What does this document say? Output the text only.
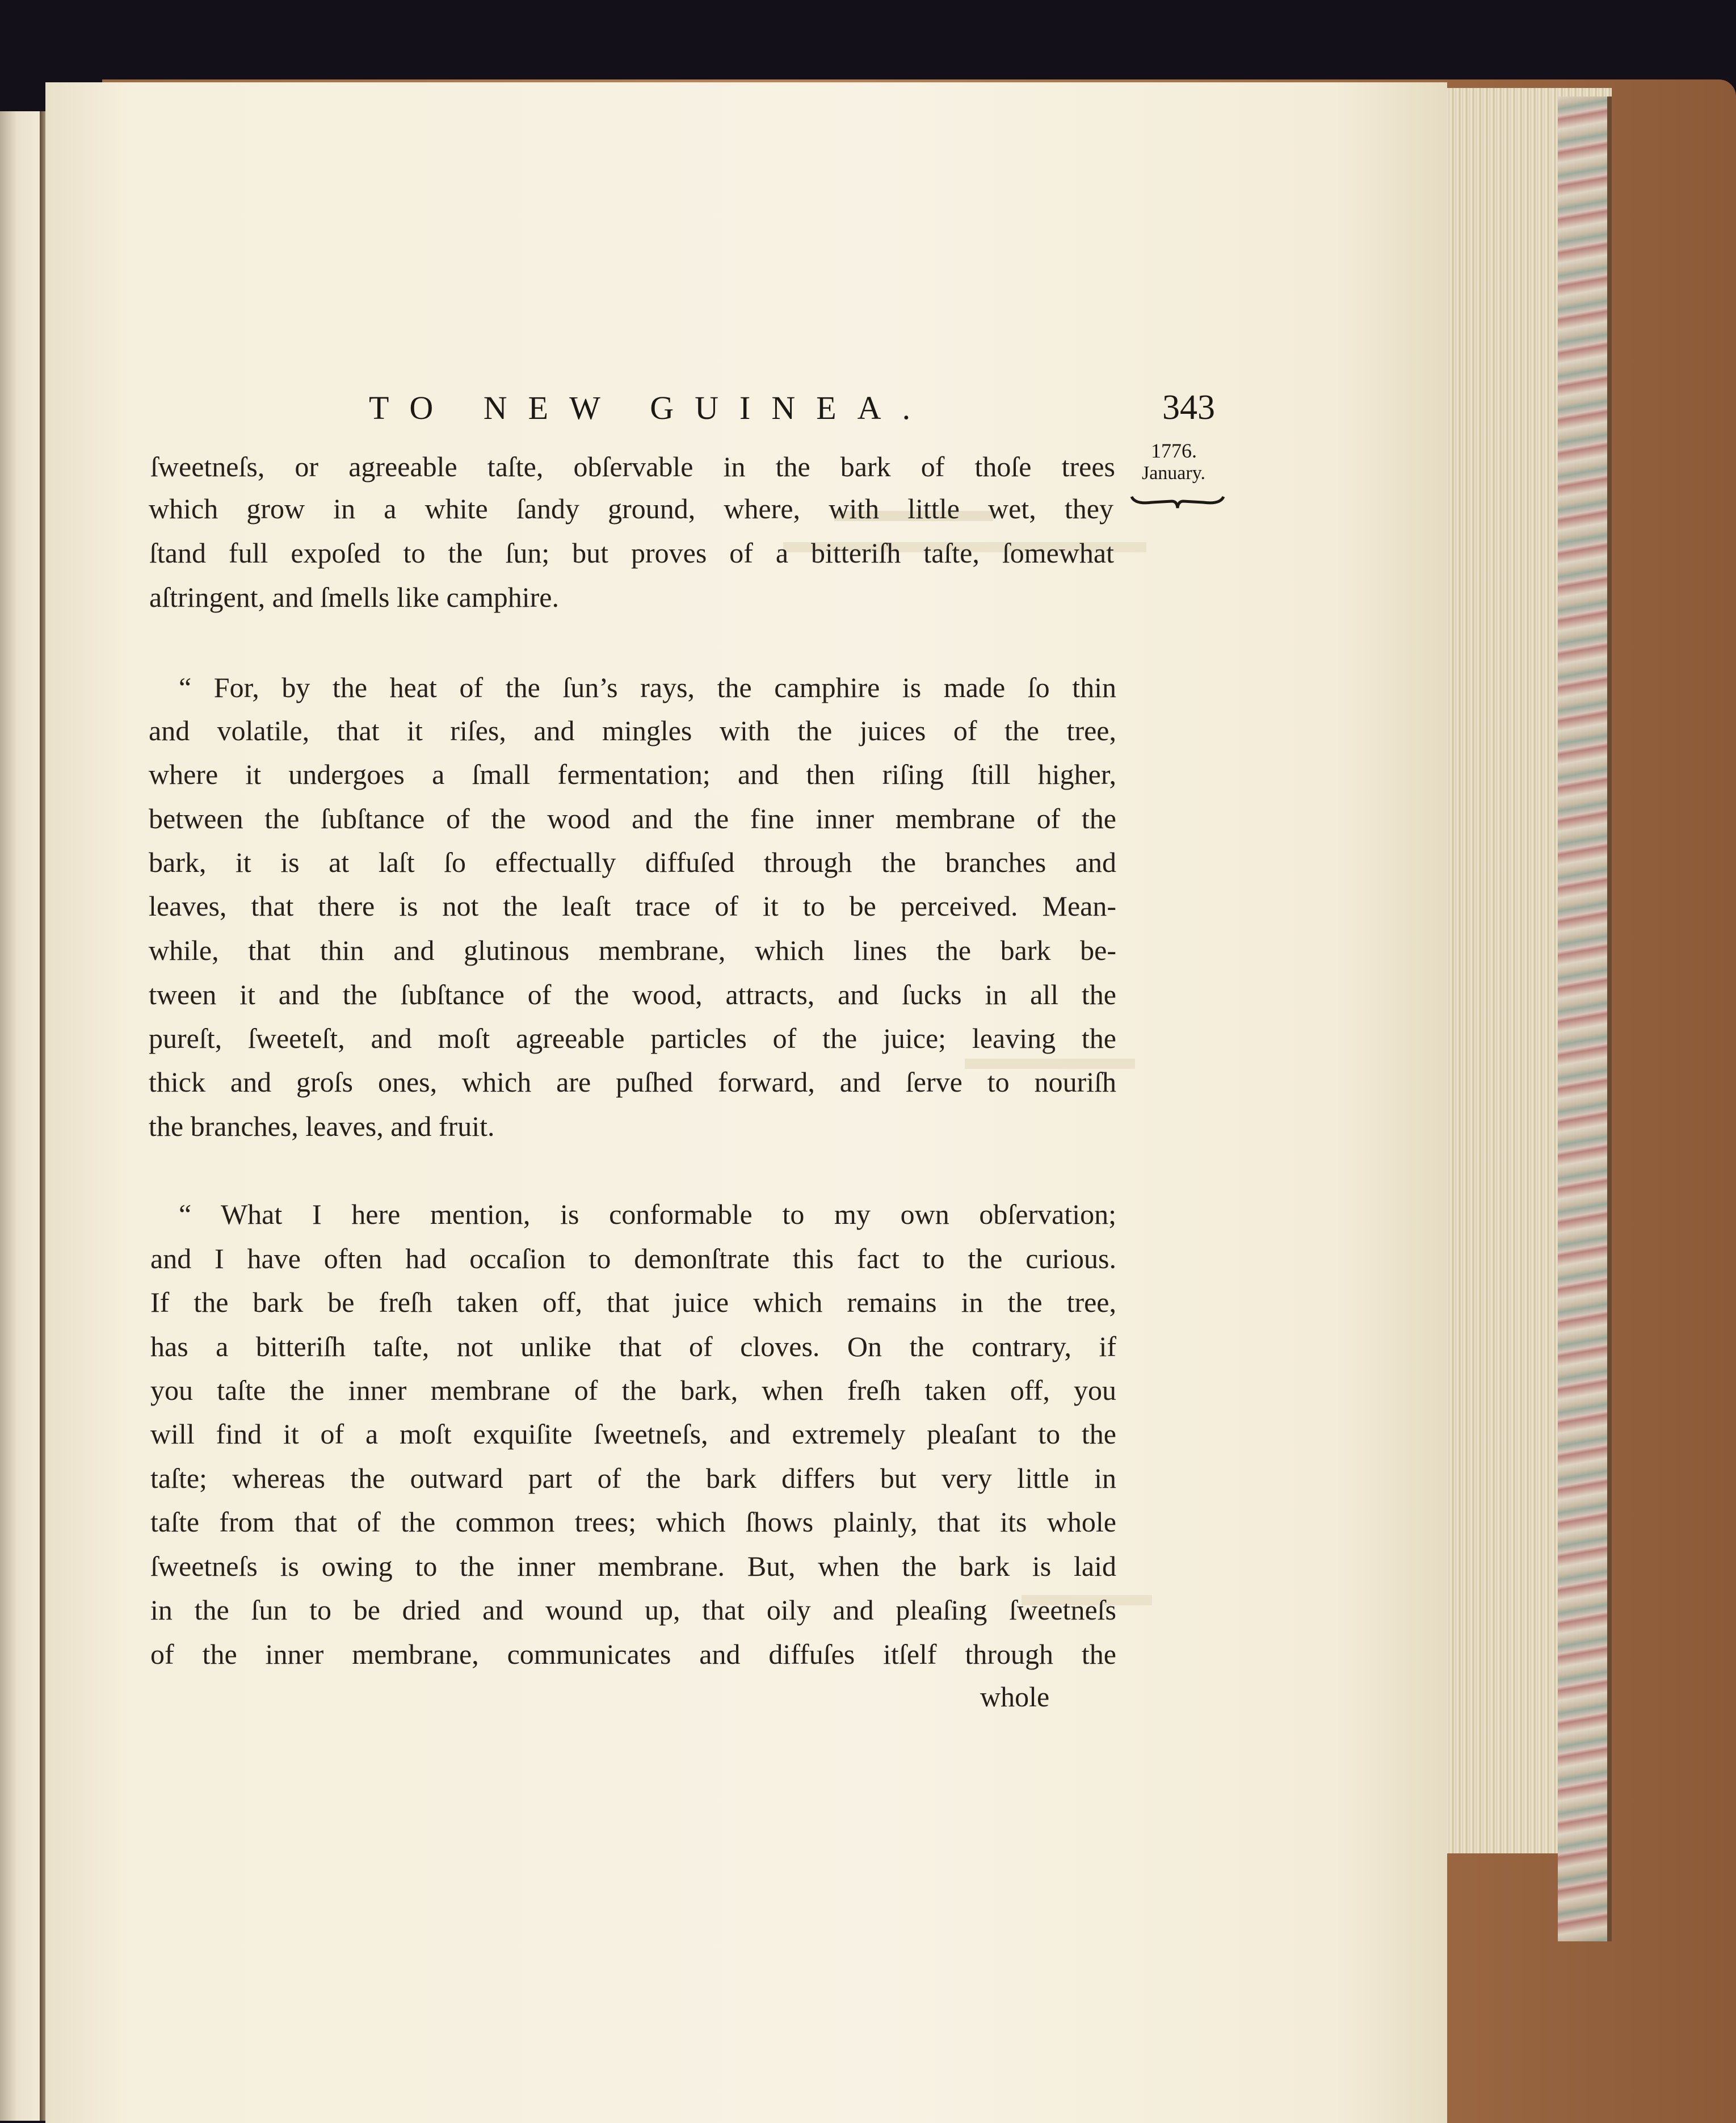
TO NEW GUINEA.	343
1776.
January.
ſweetneſs, or agreeable taſte, obſervable in the bark of thoſe trees
which grow in a white ſandy ground, where, with little wet, they
ſtand full expoſed to the ſun; but proves of a bitteriſh taſte, ſomewhat
aſtringent, and ſmells like camphire.
“ For, by the heat of the ſun’s rays, the camphire is made ſo thin
and volatile, that it riſes, and mingles with the juices of the tree,
where it undergoes a ſmall fermentation; and then riſing ſtill higher,
between the ſubſtance of the wood and the fine inner membrane of the
bark, it is at laſt ſo effectually diffuſed through the branches and
leaves, that there is not the leaſt trace of it to be perceived. Mean-
while, that thin and glutinous membrane, which lines the bark be-
tween it and the ſubſtance of the wood, attracts, and ſucks in all the
pureſt, ſweeteſt, and moſt agreeable particles of the juice; leaving the
thick and groſs ones, which are puſhed forward, and ſerve to nouriſh
the branches, leaves, and fruit.
“ What I here mention, is conformable to my own obſervation;
and I have often had occaſion to demonſtrate this fact to the curious.
If the bark be freſh taken off, that juice which remains in the tree,
has a bitteriſh taſte, not unlike that of cloves. On the contrary, if
you taſte the inner membrane of the bark, when freſh taken off, you
will find it of a moſt exquiſite ſweetneſs, and extremely pleaſant to the
taſte; whereas the outward part of the bark differs but very little in
taſte from that of the common trees; which ſhows plainly, that its whole
ſweetneſs is owing to the inner membrane. But, when the bark is laid
in the ſun to be dried and wound up, that oily and pleaſing ſweetneſs
of the inner membrane, communicates and diffuſes itſelf through the
whole
